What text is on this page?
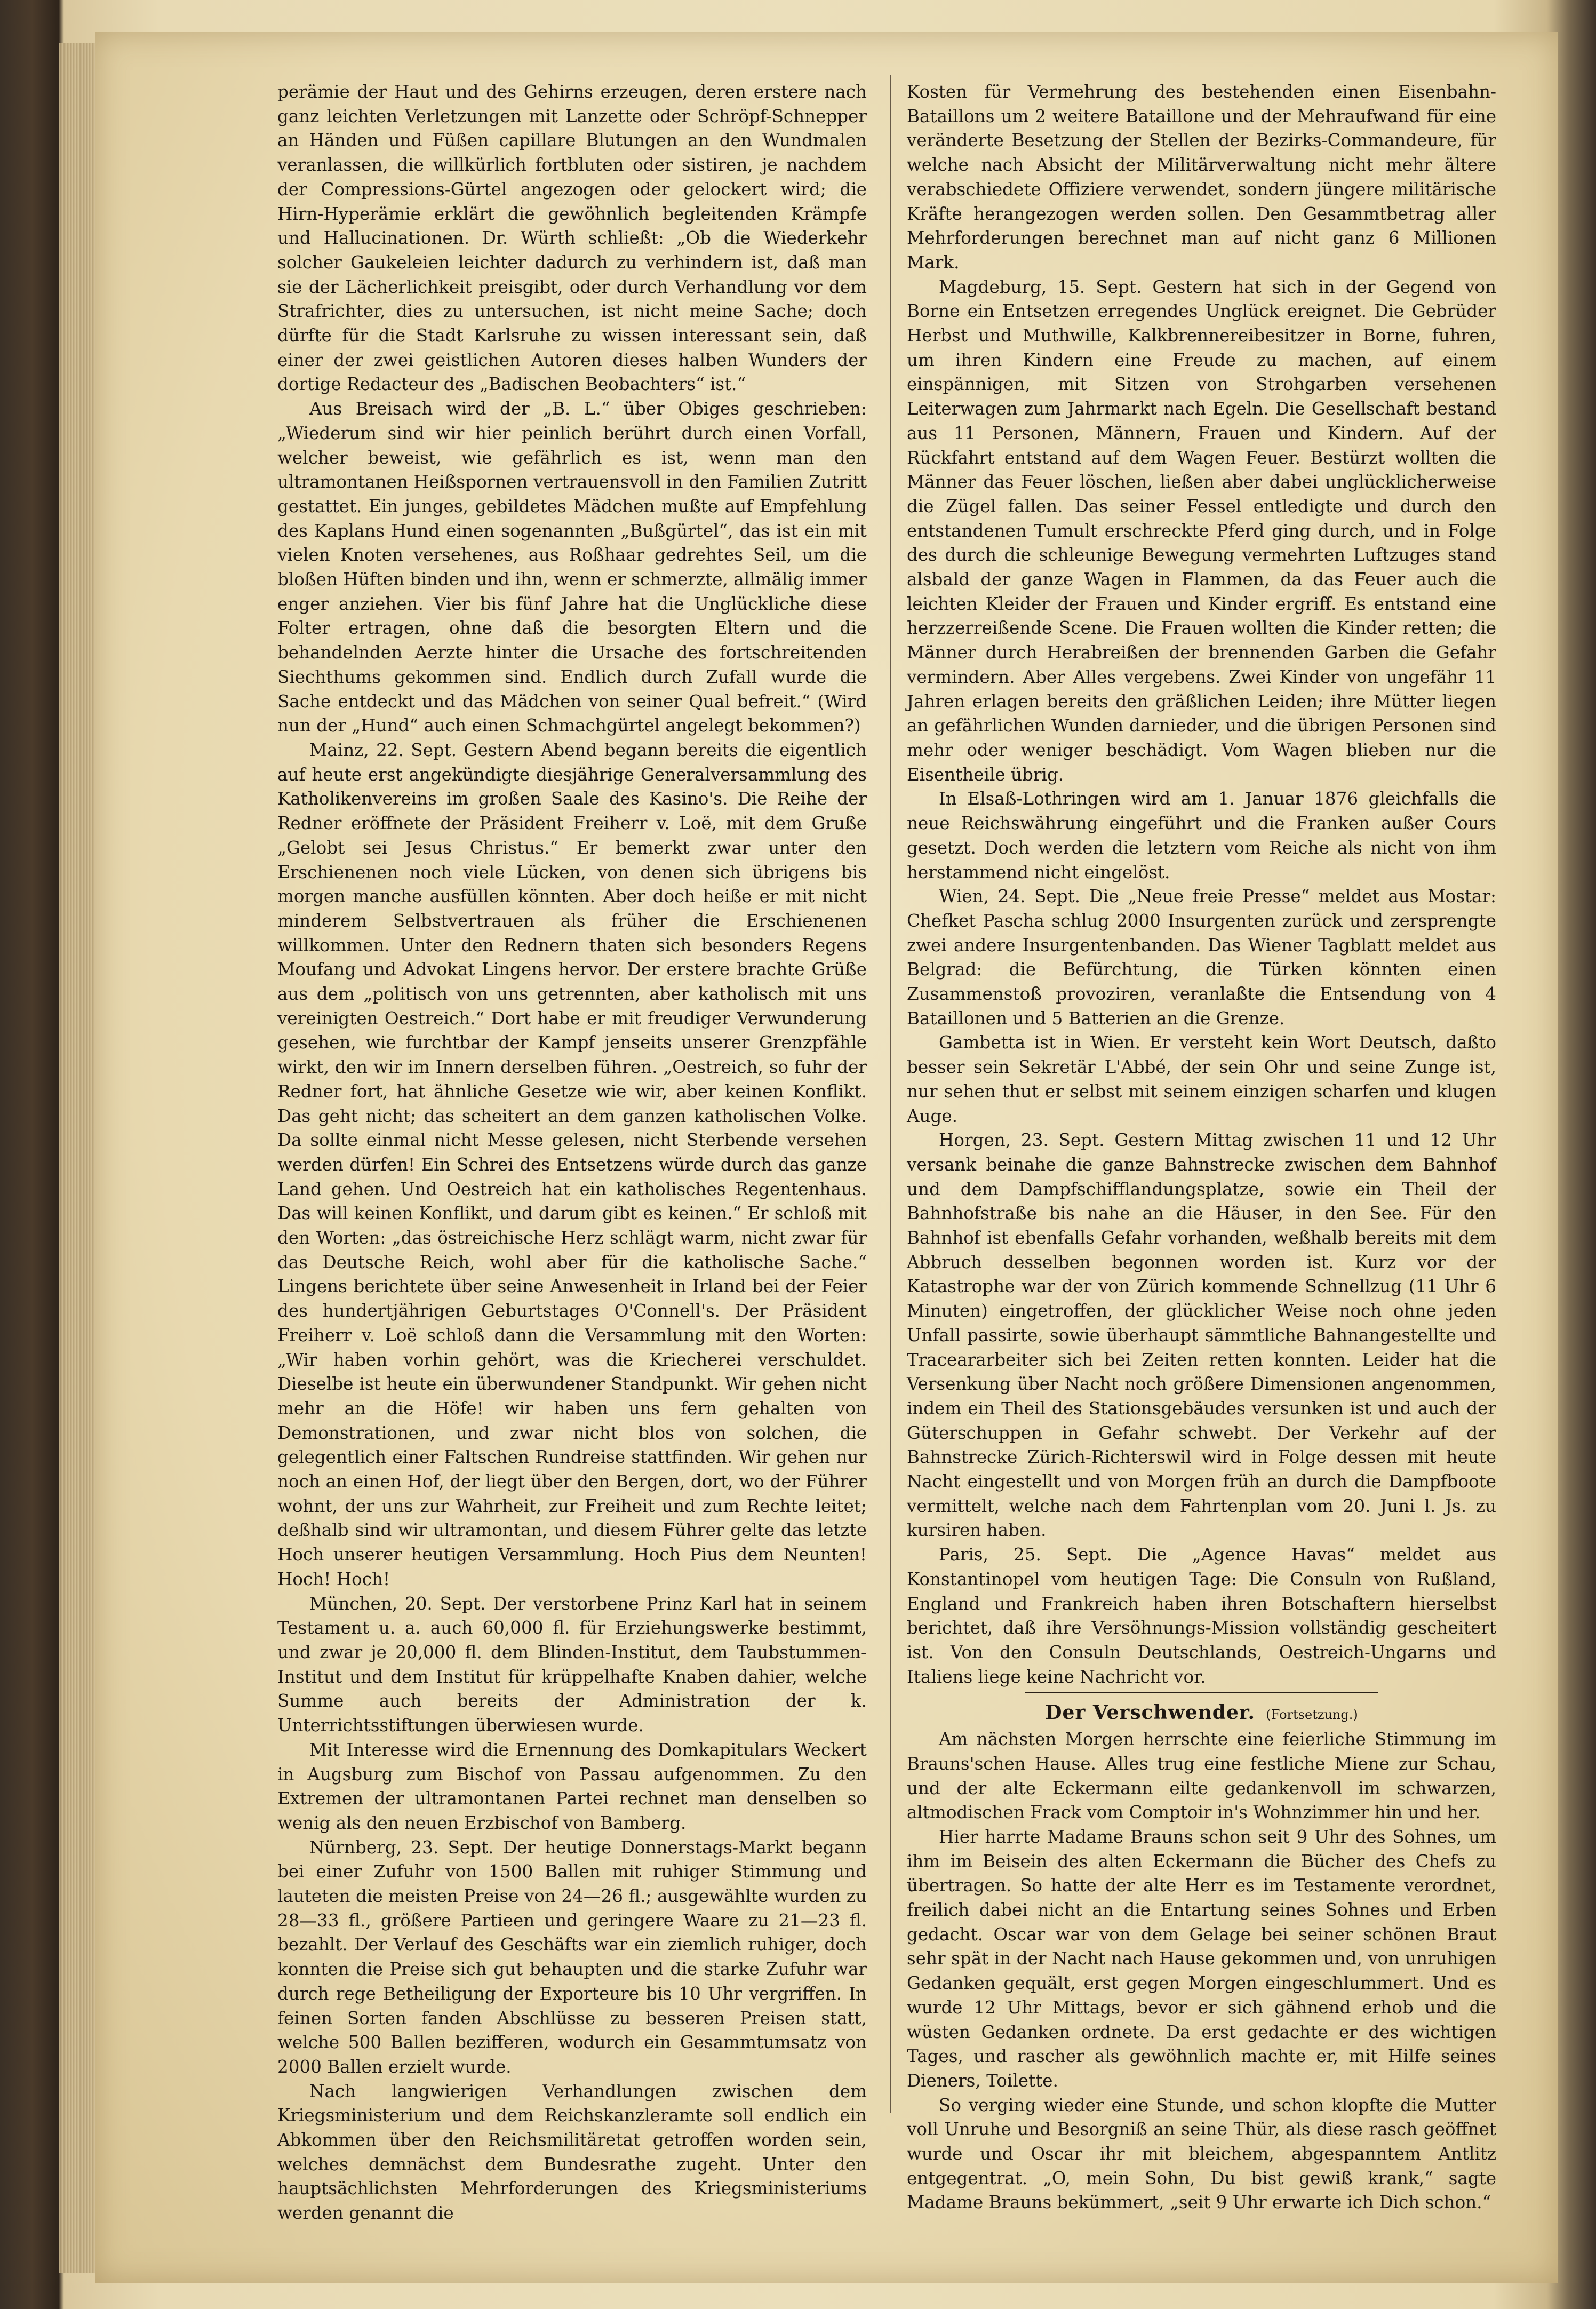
perämie der Haut und des Gehirns erzeugen, deren erstere nach ganz leichten Verletzungen mit Lanzette oder Schröpf-Schnepper an Händen und Füßen capillare Blutungen an den Wundmalen veranlassen, die willkürlich fortbluten oder sistiren, je nachdem der Compressions-Gürtel angezogen oder gelockert wird; die Hirn-Hyperämie erklärt die gewöhnlich begleitenden Krämpfe und Hallucinationen. Dr. Würth schließt: „Ob die Wiederkehr solcher Gaukeleien leichter dadurch zu verhindern ist, daß man sie der Lächerlichkeit preisgibt, oder durch Verhandlung vor dem Strafrichter, dies zu untersuchen, ist nicht meine Sache; doch dürfte für die Stadt Karlsruhe zu wissen interessant sein, daß einer der zwei geistlichen Autoren dieses halben Wunders der dortige Redacteur des „Badischen Beobachters“ ist.“

Aus Breisach wird der „B. L.“ über Obiges geschrieben: „Wiederum sind wir hier peinlich berührt durch einen Vorfall, welcher beweist, wie gefährlich es ist, wenn man den ultramontanen Heißspornen vertrauensvoll in den Familien Zutritt gestattet. Ein junges, gebildetes Mädchen mußte auf Empfehlung des Kaplans Hund einen sogenannten „Bußgürtel“, das ist ein mit vielen Knoten versehenes, aus Roßhaar gedrehtes Seil, um die bloßen Hüften binden und ihn, wenn er schmerzte, allmälig immer enger anziehen. Vier bis fünf Jahre hat die Unglückliche diese Folter ertragen, ohne daß die besorgten Eltern und die behandelnden Aerzte hinter die Ursache des fortschreitenden Siechthums gekommen sind. Endlich durch Zufall wurde die Sache entdeckt und das Mädchen von seiner Qual befreit.“ (Wird nun der „Hund“ auch einen Schmachgürtel angelegt bekommen?)

Mainz, 22. Sept. Gestern Abend begann bereits die eigentlich auf heute erst angekündigte diesjährige Generalversammlung des Katholikenvereins im großen Saale des Kasino's. Die Reihe der Redner eröffnete der Präsident Freiherr v. Loë, mit dem Gruße „Gelobt sei Jesus Christus.“ Er bemerkt zwar unter den Erschienenen noch viele Lücken, von denen sich übrigens bis morgen manche ausfüllen könnten. Aber doch heiße er mit nicht minderem Selbstvertrauen als früher die Erschienenen willkommen. Unter den Rednern thaten sich besonders Regens Moufang und Advokat Lingens hervor. Der erstere brachte Grüße aus dem „politisch von uns getrennten, aber katholisch mit uns vereinigten Oestreich.“ Dort habe er mit freudiger Verwunderung gesehen, wie furchtbar der Kampf jenseits unserer Grenzpfähle wirkt, den wir im Innern derselben führen. „Oestreich, so fuhr der Redner fort, hat ähnliche Gesetze wie wir, aber keinen Konflikt. Das geht nicht; das scheitert an dem ganzen katholischen Volke. Da sollte einmal nicht Messe gelesen, nicht Sterbende versehen werden dürfen! Ein Schrei des Entsetzens würde durch das ganze Land gehen. Und Oestreich hat ein katholisches Regentenhaus. Das will keinen Konflikt, und darum gibt es keinen.“ Er schloß mit den Worten: „das östreichische Herz schlägt warm, nicht zwar für das Deutsche Reich, wohl aber für die katholische Sache.“ Lingens berichtete über seine Anwesenheit in Irland bei der Feier des hundertjährigen Geburtstages O'Connell's. Der Präsident Freiherr v. Loë schloß dann die Versammlung mit den Worten: „Wir haben vorhin gehört, was die Kriecherei verschuldet. Dieselbe ist heute ein überwundener Standpunkt. Wir gehen nicht mehr an die Höfe! wir haben uns fern gehalten von Demonstrationen, und zwar nicht blos von solchen, die gelegentlich einer Faltschen Rundreise stattfinden. Wir gehen nur noch an einen Hof, der liegt über den Bergen, dort, wo der Führer wohnt, der uns zur Wahrheit, zur Freiheit und zum Rechte leitet; deßhalb sind wir ultramontan, und diesem Führer gelte das letzte Hoch unserer heutigen Versammlung. Hoch Pius dem Neunten! Hoch! Hoch!

München, 20. Sept. Der verstorbene Prinz Karl hat in seinem Testament u. a. auch 60,000 fl. für Erziehungswerke bestimmt, und zwar je 20,000 fl. dem Blinden-Institut, dem Taubstummen-Institut und dem Institut für krüppelhafte Knaben dahier, welche Summe auch bereits der Administration der k. Unterrichtsstiftungen überwiesen wurde.

Mit Interesse wird die Ernennung des Domkapitulars Weckert in Augsburg zum Bischof von Passau aufgenommen. Zu den Extremen der ultramontanen Partei rechnet man denselben so wenig als den neuen Erzbischof von Bamberg.

Nürnberg, 23. Sept. Der heutige Donnerstags-Markt begann bei einer Zufuhr von 1500 Ballen mit ruhiger Stimmung und lauteten die meisten Preise von 24—26 fl.; ausgewählte wurden zu 28—33 fl., größere Partieen und geringere Waare zu 21—23 fl. bezahlt. Der Verlauf des Geschäfts war ein ziemlich ruhiger, doch konnten die Preise sich gut behaupten und die starke Zufuhr war durch rege Betheiligung der Exporteure bis 10 Uhr vergriffen. In feinen Sorten fanden Abschlüsse zu besseren Preisen statt, welche 500 Ballen bezifferen, wodurch ein Gesammtumsatz von 2000 Ballen erzielt wurde.

Nach langwierigen Verhandlungen zwischen dem Kriegsministerium und dem Reichskanzleramte soll endlich ein Abkommen über den Reichsmilitäretat getroffen worden sein, welches demnächst dem Bundesrathe zugeht. Unter den hauptsächlichsten Mehrforderungen des Kriegsministeriums werden genannt die

Kosten für Vermehrung des bestehenden einen Eisenbahn-Bataillons um 2 weitere Bataillone und der Mehraufwand für eine veränderte Besetzung der Stellen der Bezirks-Commandeure, für welche nach Absicht der Militärverwaltung nicht mehr ältere verabschiedete Offiziere verwendet, sondern jüngere militärische Kräfte herangezogen werden sollen. Den Gesammtbetrag aller Mehrforderungen berechnet man auf nicht ganz 6 Millionen Mark.

Magdeburg, 15. Sept. Gestern hat sich in der Gegend von Borne ein Entsetzen erregendes Unglück ereignet. Die Gebrüder Herbst und Muthwille, Kalkbrennereibesitzer in Borne, fuhren, um ihren Kindern eine Freude zu machen, auf einem einspännigen, mit Sitzen von Strohgarben versehenen Leiterwagen zum Jahrmarkt nach Egeln. Die Gesellschaft bestand aus 11 Personen, Männern, Frauen und Kindern. Auf der Rückfahrt entstand auf dem Wagen Feuer. Bestürzt wollten die Männer das Feuer löschen, ließen aber dabei unglücklicherweise die Zügel fallen. Das seiner Fessel entledigte und durch den entstandenen Tumult erschreckte Pferd ging durch, und in Folge des durch die schleunige Bewegung vermehrten Luftzuges stand alsbald der ganze Wagen in Flammen, da das Feuer auch die leichten Kleider der Frauen und Kinder ergriff. Es entstand eine herzzerreißende Scene. Die Frauen wollten die Kinder retten; die Männer durch Herabreißen der brennenden Garben die Gefahr vermindern. Aber Alles vergebens. Zwei Kinder von ungefähr 11 Jahren erlagen bereits den gräßlichen Leiden; ihre Mütter liegen an gefährlichen Wunden darnieder, und die übrigen Personen sind mehr oder weniger beschädigt. Vom Wagen blieben nur die Eisentheile übrig.

In Elsaß-Lothringen wird am 1. Januar 1876 gleichfalls die neue Reichswährung eingeführt und die Franken außer Cours gesetzt. Doch werden die letztern vom Reiche als nicht von ihm herstammend nicht eingelöst.

Wien, 24. Sept. Die „Neue freie Presse“ meldet aus Mostar: Chefket Pascha schlug 2000 Insurgenten zurück und zersprengte zwei andere Insurgentenbanden. Das Wiener Tagblatt meldet aus Belgrad: die Befürchtung, die Türken könnten einen Zusammenstoß provoziren, veranlaßte die Entsendung von 4 Bataillonen und 5 Batterien an die Grenze.

Gambetta ist in Wien. Er versteht kein Wort Deutsch, daßto besser sein Sekretär L'Abbé, der sein Ohr und seine Zunge ist, nur sehen thut er selbst mit seinem einzigen scharfen und klugen Auge.

Horgen, 23. Sept. Gestern Mittag zwischen 11 und 12 Uhr versank beinahe die ganze Bahnstrecke zwischen dem Bahnhof und dem Dampfschifflandungsplatze, sowie ein Theil der Bahnhofstraße bis nahe an die Häuser, in den See. Für den Bahnhof ist ebenfalls Gefahr vorhanden, weßhalb bereits mit dem Abbruch desselben begonnen worden ist. Kurz vor der Katastrophe war der von Zürich kommende Schnellzug (11 Uhr 6 Minuten) eingetroffen, der glücklicher Weise noch ohne jeden Unfall passirte, sowie überhaupt sämmtliche Bahnangestellte und Traceararbeiter sich bei Zeiten retten konnten. Leider hat die Versenkung über Nacht noch größere Dimensionen angenommen, indem ein Theil des Stationsgebäudes versunken ist und auch der Güterschuppen in Gefahr schwebt. Der Verkehr auf der Bahnstrecke Zürich-Richterswil wird in Folge dessen mit heute Nacht eingestellt und von Morgen früh an durch die Dampfboote vermittelt, welche nach dem Fahrtenplan vom 20. Juni l. Js. zu kursiren haben.

Paris, 25. Sept. Die „Agence Havas“ meldet aus Konstantinopel vom heutigen Tage: Die Consuln von Rußland, England und Frankreich haben ihren Botschaftern hierselbst berichtet, daß ihre Versöhnungs-Mission vollständig gescheitert ist. Von den Consuln Deutschlands, Oestreich-Ungarns und Italiens liege keine Nachricht vor.

Der Verschwender. (Fortsetzung.)

Am nächsten Morgen herrschte eine feierliche Stimmung im Brauns'schen Hause. Alles trug eine festliche Miene zur Schau, und der alte Eckermann eilte gedankenvoll im schwarzen, altmodischen Frack vom Comptoir in's Wohnzimmer hin und her.

Hier harrte Madame Brauns schon seit 9 Uhr des Sohnes, um ihm im Beisein des alten Eckermann die Bücher des Chefs zu übertragen. So hatte der alte Herr es im Testamente verordnet, freilich dabei nicht an die Entartung seines Sohnes und Erben gedacht. Oscar war von dem Gelage bei seiner schönen Braut sehr spät in der Nacht nach Hause gekommen und, von unruhigen Gedanken gequält, erst gegen Morgen eingeschlummert. Und es wurde 12 Uhr Mittags, bevor er sich gähnend erhob und die wüsten Gedanken ordnete. Da erst gedachte er des wichtigen Tages, und rascher als gewöhnlich machte er, mit Hilfe seines Dieners, Toilette.

So verging wieder eine Stunde, und schon klopfte die Mutter voll Unruhe und Besorgniß an seine Thür, als diese rasch geöffnet wurde und Oscar ihr mit bleichem, abgespanntem Antlitz entgegentrat. „O, mein Sohn, Du bist gewiß krank,“ sagte Madame Brauns bekümmert, „seit 9 Uhr erwarte ich Dich schon.“
